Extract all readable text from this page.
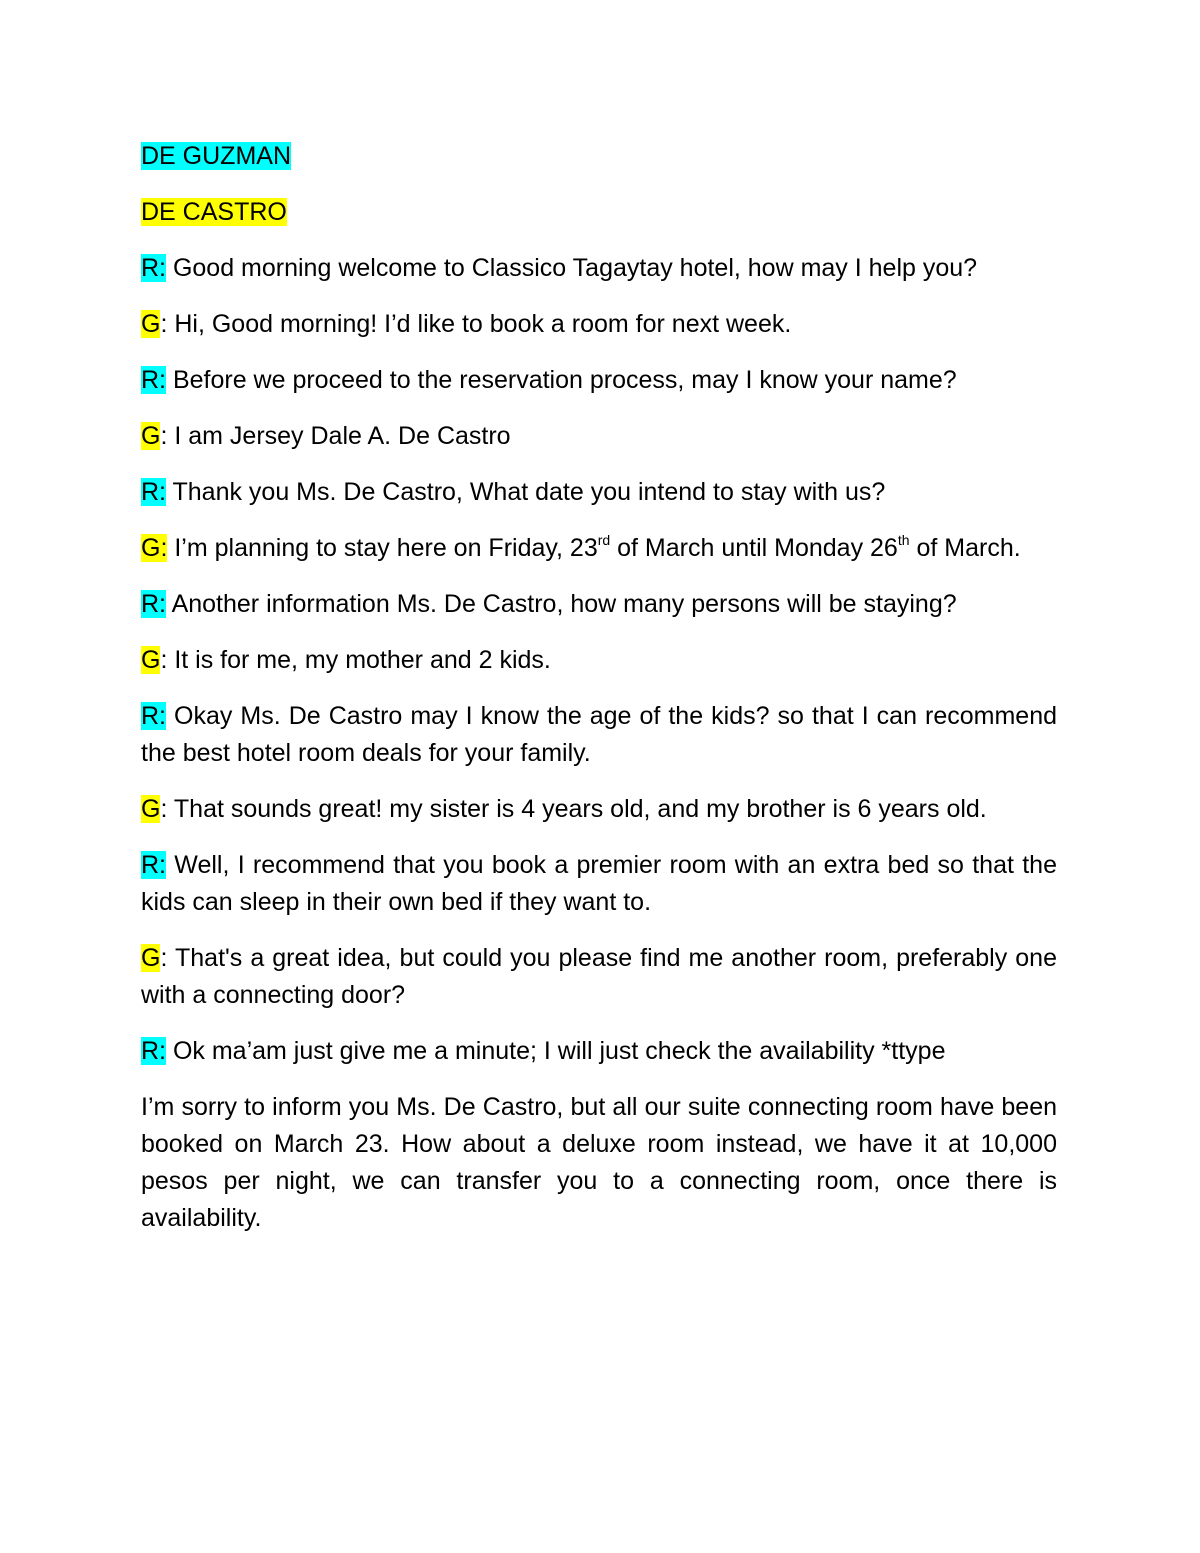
DE GUZMAN

DE CASTRO

R: Good morning welcome to Classico Tagaytay hotel, how may I help you?

G: Hi, Good morning! I’d like to book a room for next week.

R: Before we proceed to the reservation process, may I know your name?

G: I am Jersey Dale A. De Castro

R: Thank you Ms. De Castro, What date you intend to stay with us?

G: I’m planning to stay here on Friday, 23rd of March until Monday 26th of March.

R: Another information Ms. De Castro, how many persons will be staying?

G: It is for me, my mother and 2 kids.

R: Okay Ms. De Castro may I know the age of the kids? so that I can recommend the best hotel room deals for your family.

G: That sounds great! my sister is 4 years old, and my brother is 6 years old.

R: Well, I recommend that you book a premier room with an extra bed so that the kids can sleep in their own bed if they want to.

G: That's a great idea, but could you please find me another room, preferably one with a connecting door?

R: Ok ma’am just give me a minute; I will just check the availability *ttype

I’m sorry to inform you Ms. De Castro, but all our suite connecting room have been booked on March 23. How about a deluxe room instead, we have it at 10,000 pesos per night, we can transfer you to a connecting room, once there is availability.
